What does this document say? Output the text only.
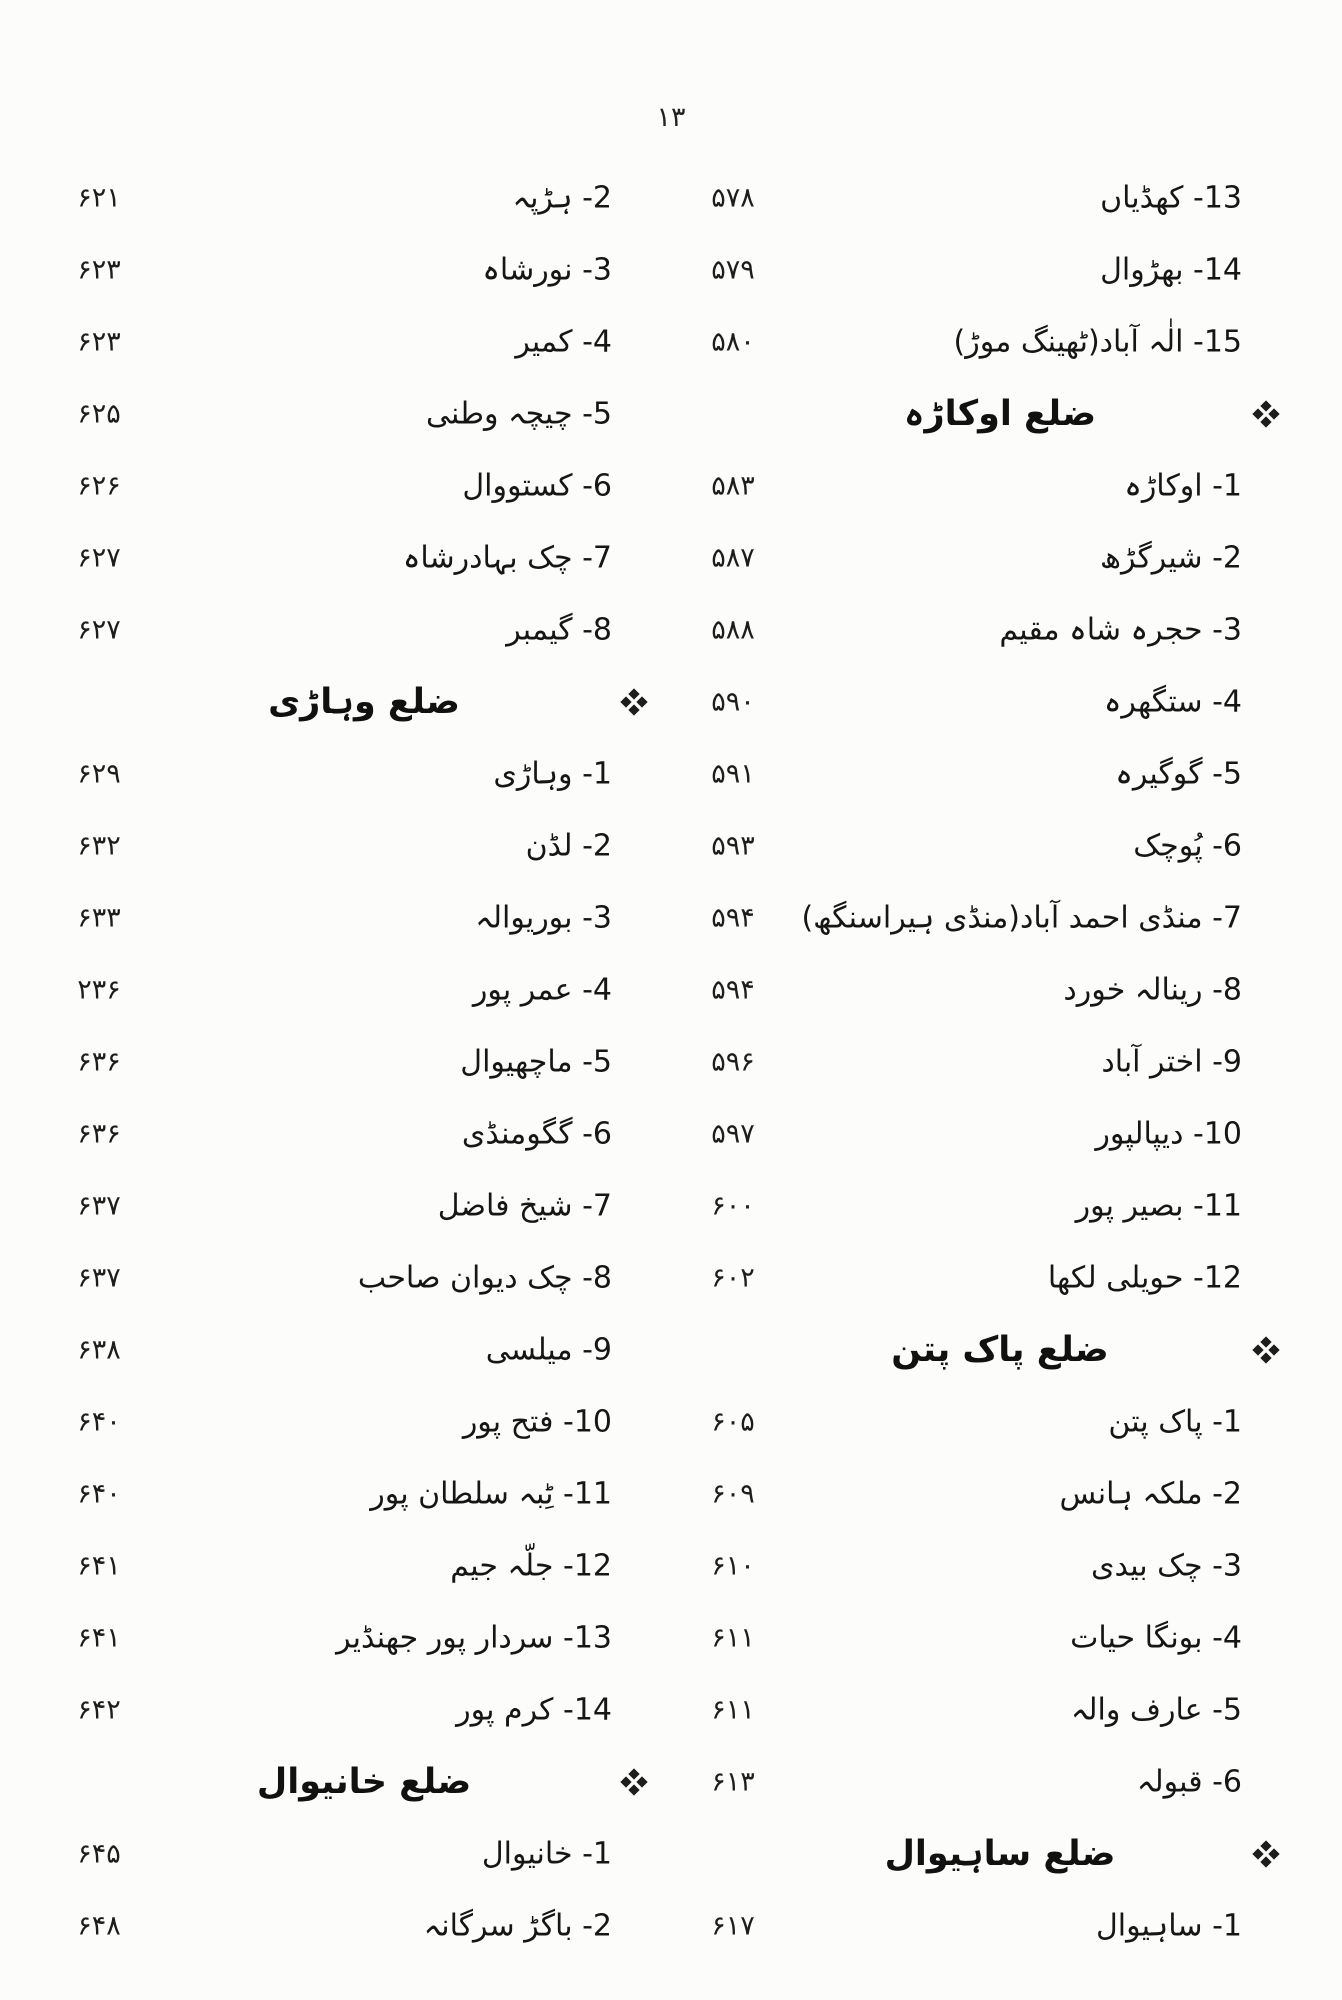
۱۳
۵۷۸	13- کھڈیاں
۶۲۱	2- ہڑپہ
۵۷۹	14- بھڑوال
۶۲۳	3- نورشاہ
۵۸۰	15- الٰہ آباد(ٹھینگ موڑ)
۶۲۳	4- کمیر
ضلع اوکاڑہ
۶۲۵	5- چیچہ وطنی
۵۸۳	1- اوکاڑہ
۶۲۶	6- کستووال
۵۸۷	2- شیرگڑھ
۶۲۷	7- چک بہادرشاہ
۵۸۸	3- حجرہ شاہ مقیم
۶۲۷	8- گیمبر
۵۹۰	4- ستگھرہ
ضلع وہاڑی
۵۹۱	5- گوگیرہ
۶۲۹	1- وہاڑی
۵۹۳	6- پُوچک
۶۳۲	2- لڈن
۵۹۴	7- منڈی احمد آباد(منڈی ہیراسنگھ)
۶۳۳	3- بوریوالہ
۵۹۴	8- رینالہ خورد
۲۳۶	4- عمر پور
۵۹۶	9- اختر آباد
۶۳۶	5- ماچھیوال
۵۹۷	10- دیپالپور
۶۳۶	6- گگومنڈی
۶۰۰	11- بصیر پور
۶۳۷	7- شیخ فاضل
۶۰۲	12- حویلی لکھا
۶۳۷	8- چک دیوان صاحب
ضلع پاک پتن
۶۳۸	9- میلسی
۶۰۵	1- پاک پتن
۶۴۰	10- فتح پور
۶۰۹	2- ملکہ ہانس
۶۴۰	11- ٹِبہ سلطان پور
۶۱۰	3- چک بیدی
۶۴۱	12- جلّہ جیم
۶۱۱	4- بونگا حیات
۶۴۱	13- سردار پور جھنڈیر
۶۱۱	5- عارف والہ
۶۴۲	14- کرم پور
۶۱۳	6- قبولہ
ضلع خانیوال
ضلع ساہیوال
۶۴۵	1- خانیوال
۶۱۷	1- ساہیوال
۶۴۸	2- باگڑ سرگانہ
